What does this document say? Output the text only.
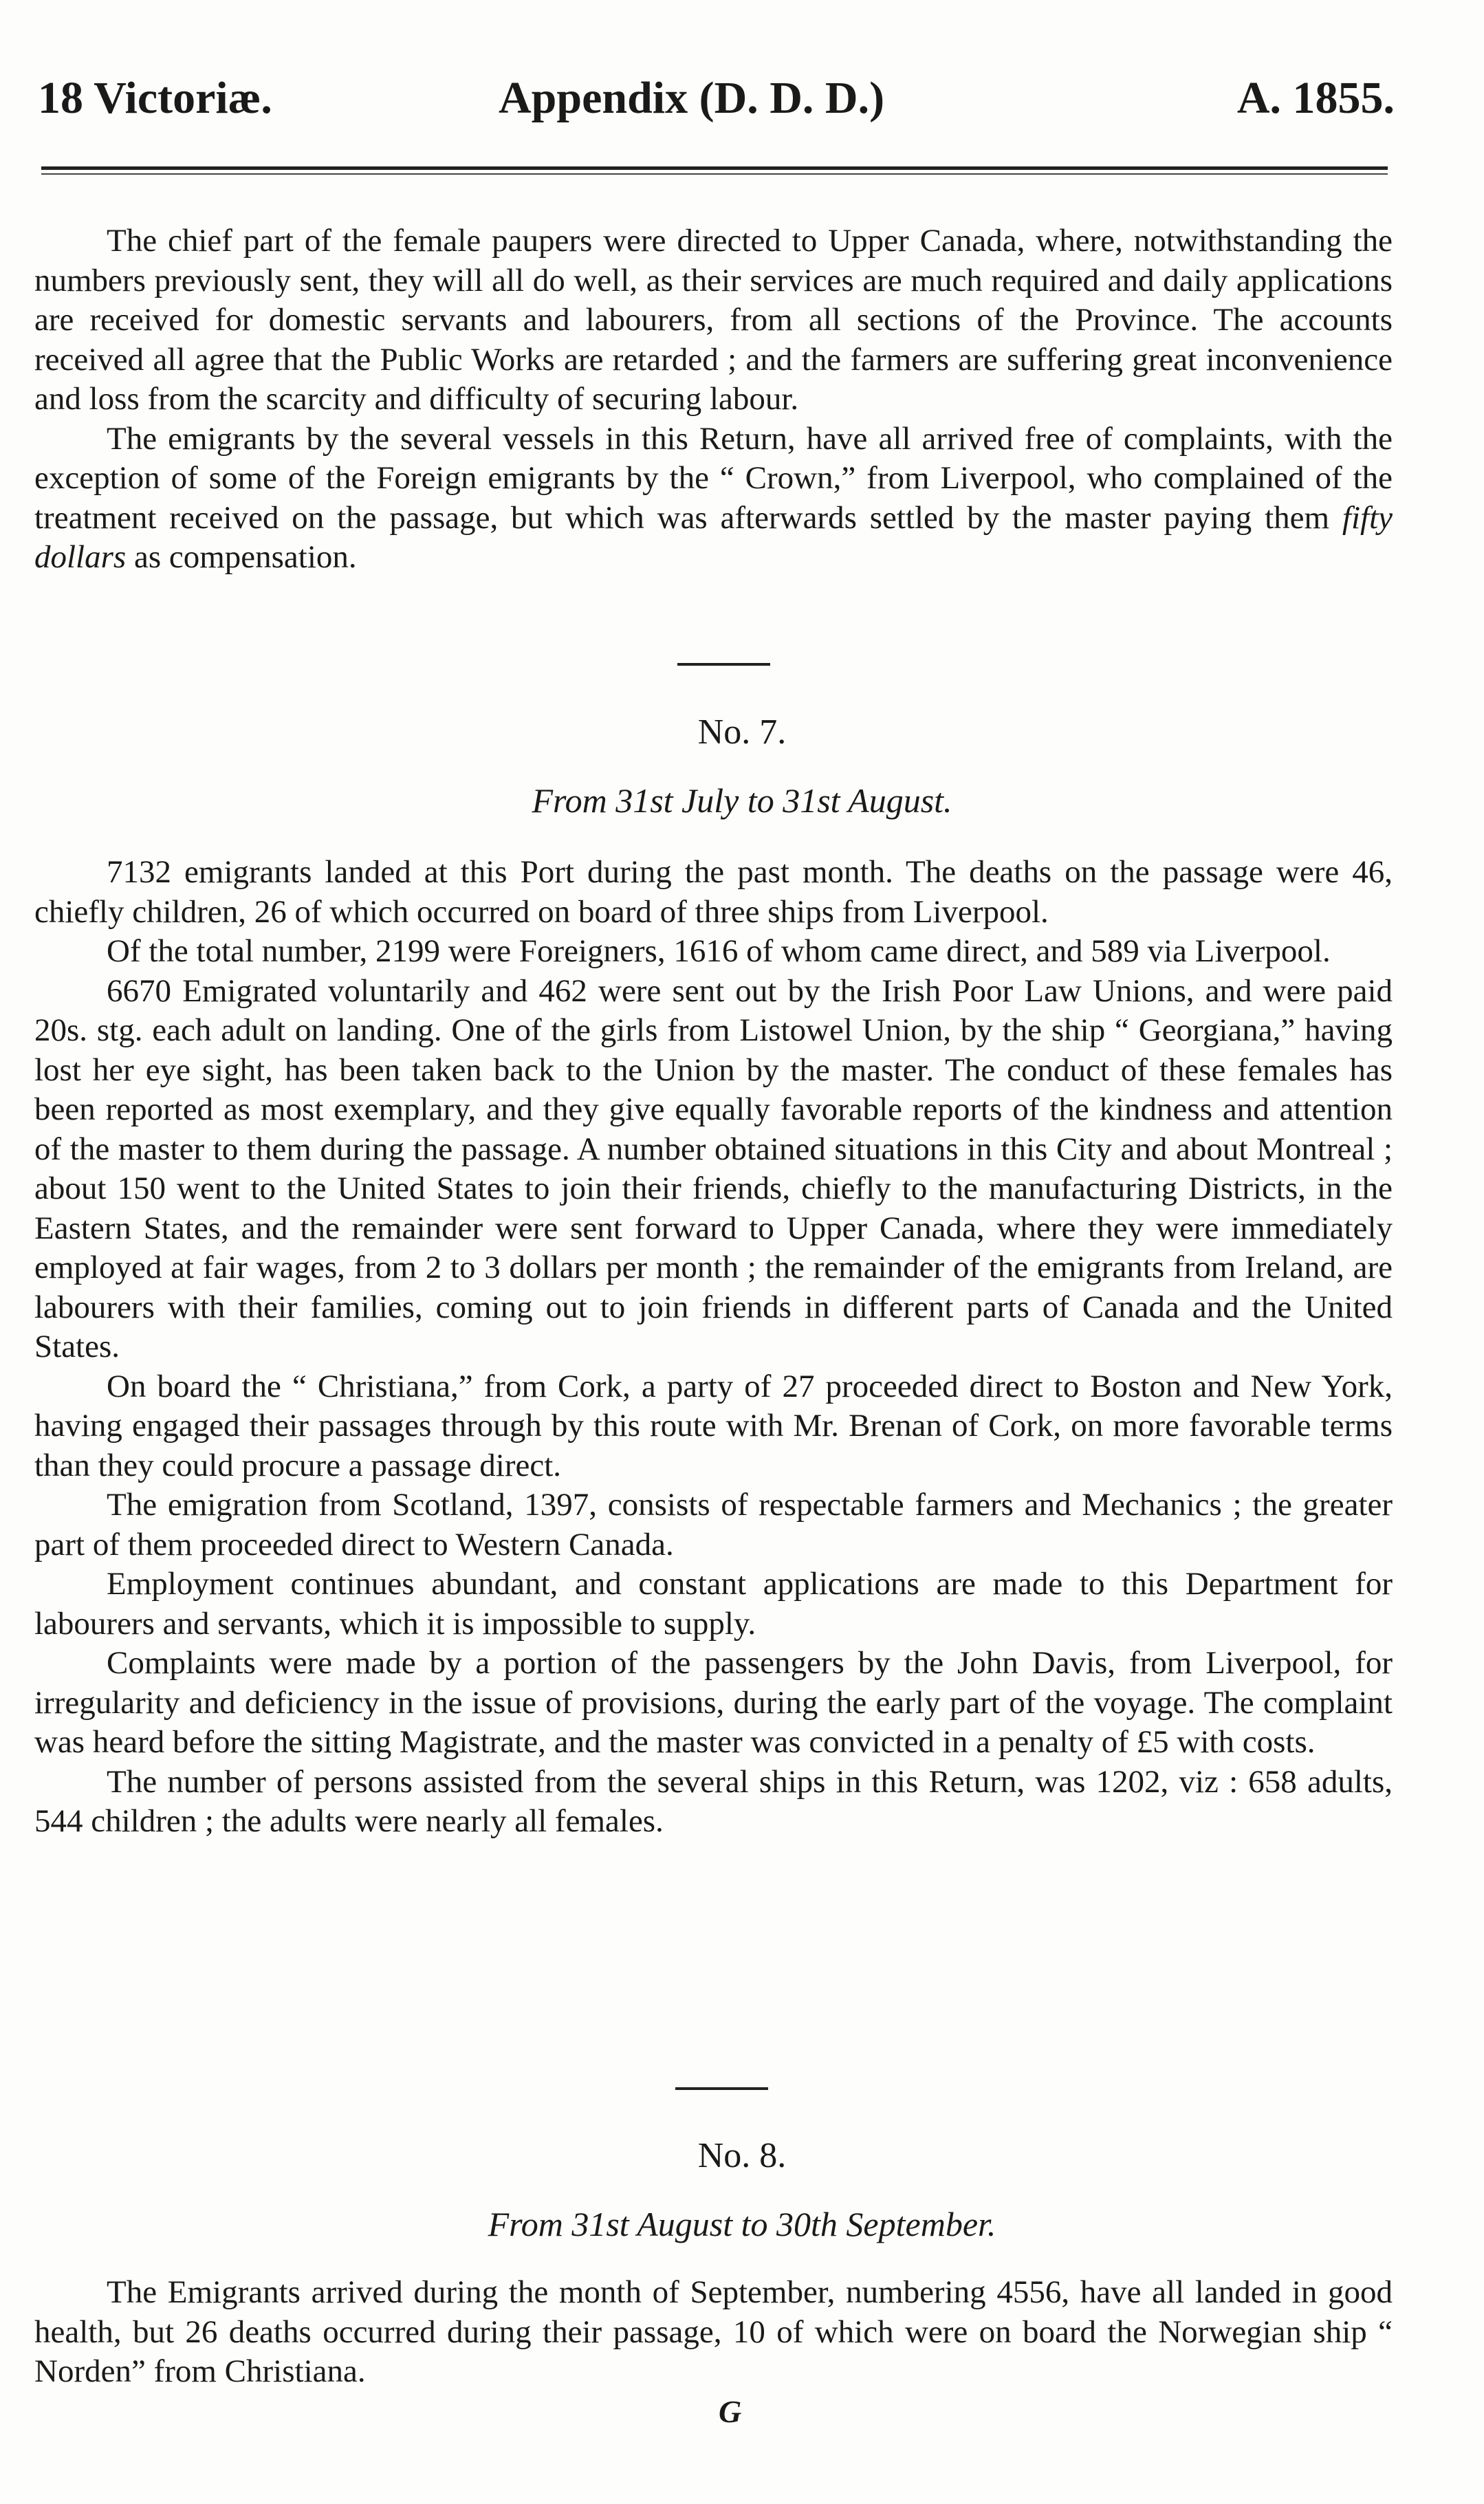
18 Victoriæ.	Appendix (D. D. D.)	A. 1855.

The chief part of the female paupers were directed to Upper Canada, where, notwithstanding the numbers previously sent, they will all do well, as their services are much required and daily applications are received for domestic servants and labourers, from all sections of the Province. The accounts received all agree that the Public Works are retarded ; and the farmers are suffering great inconvenience and loss from the scarcity and difficulty of securing labour.

The emigrants by the several vessels in this Return, have all arrived free of complaints, with the exception of some of the Foreign emigrants by the “ Crown,” from Liverpool, who complained of the treatment received on the passage, but which was afterwards settled by the master paying them fifty dollars as compensation.

No. 7.
From 31st July to 31st August.

7132 emigrants landed at this Port during the past month. The deaths on the passage were 46, chiefly children, 26 of which occurred on board of three ships from Liverpool.

Of the total number, 2199 were Foreigners, 1616 of whom came direct, and 589 via Liverpool.

6670 Emigrated voluntarily and 462 were sent out by the Irish Poor Law Unions, and were paid 20s. stg. each adult on landing. One of the girls from Listowel Union, by the ship “ Georgiana,” having lost her eye sight, has been taken back to the Union by the master. The conduct of these females has been reported as most exemplary, and they give equally favorable reports of the kindness and attention of the master to them during the passage. A number obtained situations in this City and about Montreal ; about 150 went to the United States to join their friends, chiefly to the manufacturing Districts, in the Eastern States, and the remainder were sent forward to Upper Canada, where they were immediately employed at fair wages, from 2 to 3 dollars per month ; the remainder of the emigrants from Ireland, are labourers with their families, coming out to join friends in different parts of Canada and the United States.

On board the “ Christiana,” from Cork, a party of 27 proceeded direct to Boston and New York, having engaged their passages through by this route with Mr. Brenan of Cork, on more favorable terms than they could procure a passage direct.

The emigration from Scotland, 1397, consists of respectable farmers and Mechanics ; the greater part of them proceeded direct to Western Canada.

Employment continues abundant, and constant applications are made to this Department for labourers and servants, which it is impossible to supply.

Complaints were made by a portion of the passengers by the John Davis, from Liverpool, for irregularity and deficiency in the issue of provisions, during the early part of the voyage. The complaint was heard before the sitting Magistrate, and the master was convicted in a penalty of £5 with costs.

The number of persons assisted from the several ships in this Return, was 1202, viz : 658 adults, 544 children ; the adults were nearly all females.

No. 8.
From 31st August to 30th September.

The Emigrants arrived during the month of September, numbering 4556, have all landed in good health, but 26 deaths occurred during their passage, 10 of which were on board the Norwegian ship “ Norden” from Christiana.

G
